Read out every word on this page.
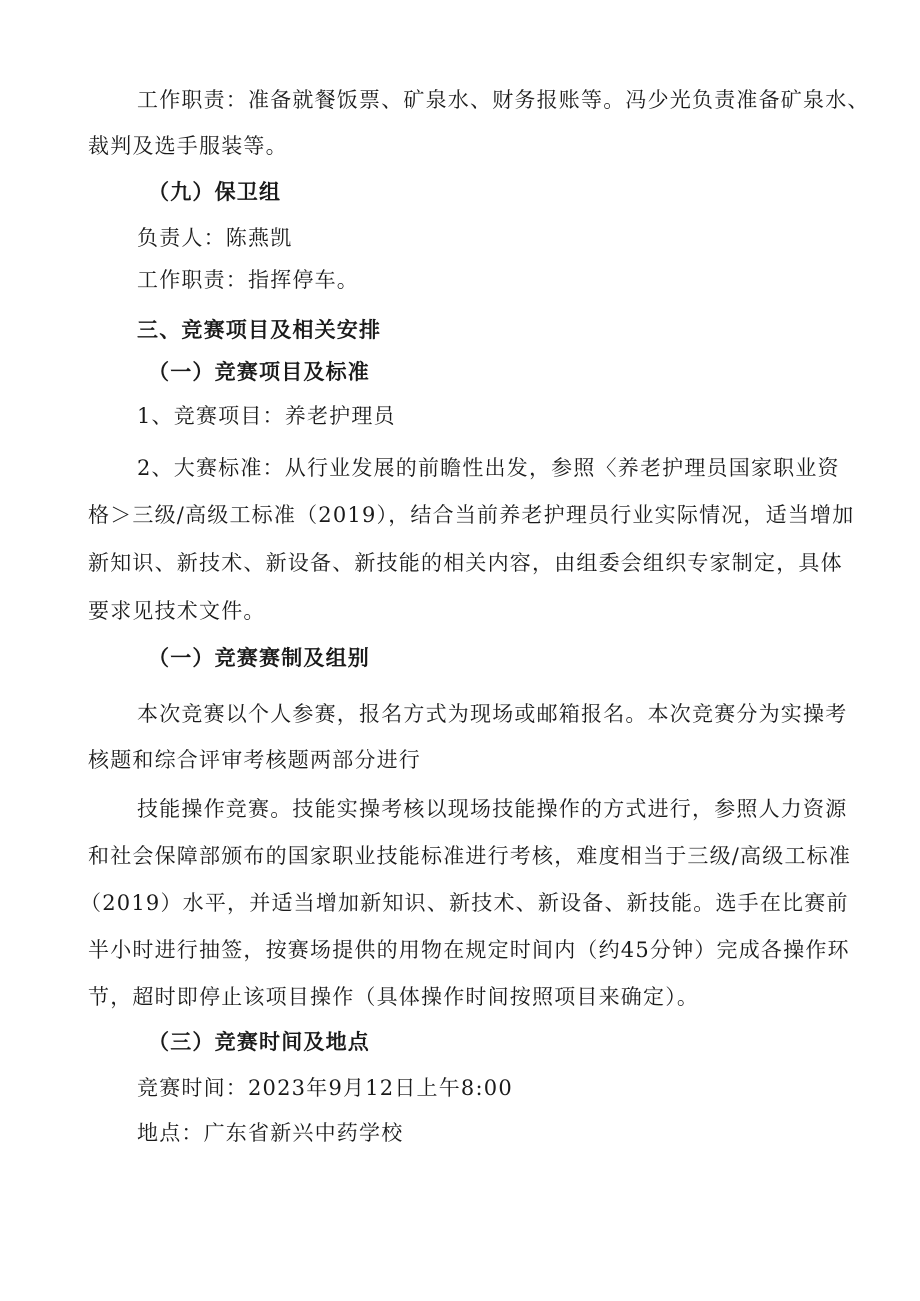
工作职责：准备就餐饭票、矿泉水、财务报账等。冯少光负责准备矿泉水、
裁判及选手服装等。
（九）保卫组
负责人：陈燕凯
工作职责：指挥停车。
三、竞赛项目及相关安排
（一）竞赛项目及标准
1、竞赛项目：养老护理员
2、大赛标准：从行业发展的前瞻性出发，参照〈养老护理员国家职业资
格＞三级/高级工标准（2019），结合当前养老护理员行业实际情况，适当增加
新知识、新技术、新设备、新技能的相关内容，由组委会组织专家制定，具体
要求见技术文件。
（一）竞赛赛制及组别
本次竞赛以个人参赛，报名方式为现场或邮箱报名。本次竞赛分为实操考
核题和综合评审考核题两部分进行
技能操作竞赛。技能实操考核以现场技能操作的方式进行，参照人力资源
和社会保障部颁布的国家职业技能标准进行考核，难度相当于三级/高级工标准
（2019）水平，并适当增加新知识、新技术、新设备、新技能。选手在比赛前
半小时进行抽签，按赛场提供的用物在规定时间内（约45分钟）完成各操作环
节，超时即停止该项目操作（具体操作时间按照项目来确定）。
（三）竞赛时间及地点
竞赛时间：2023年9月12日上午8:00
地点：广东省新兴中药学校
